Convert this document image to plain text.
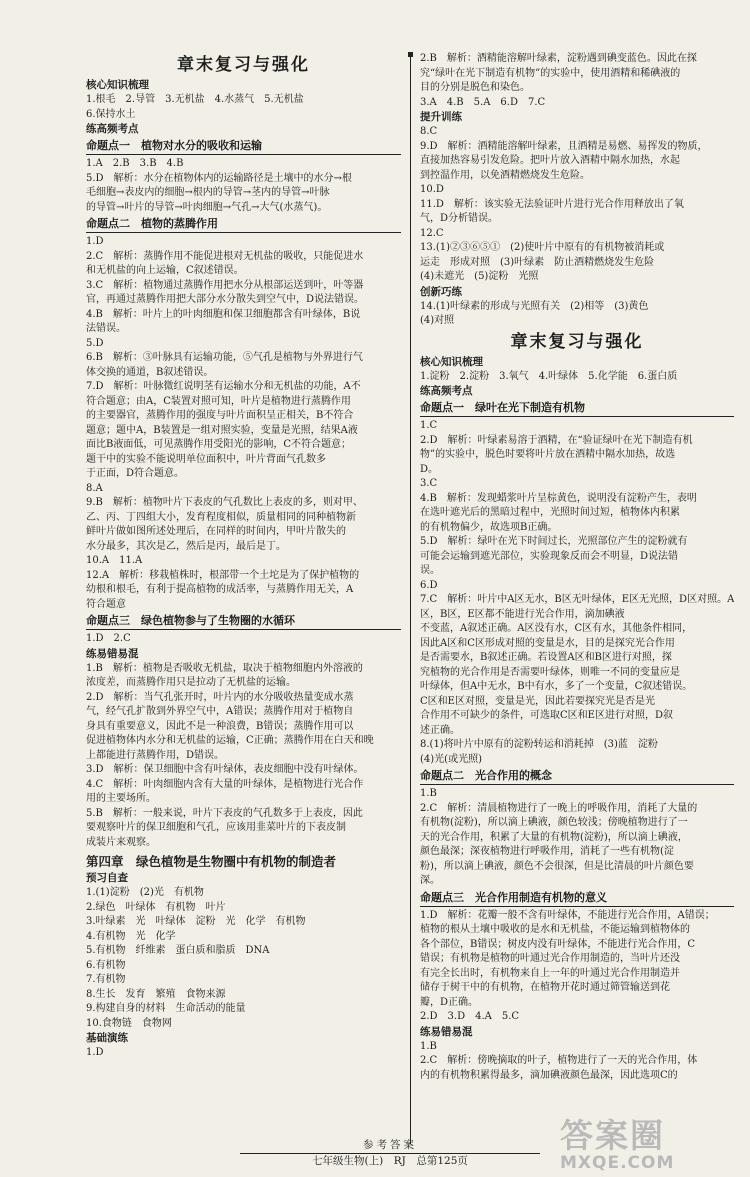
章末复习与强化
核心知识梳理
1.根毛　2.导管　3.无机盐　4.水蒸气　5.无机盐
6.保持水土
练高频考点
命题点一　植物对水分的吸收和运输
1.A　2.B　3.B　4.B
5.D　解析：水分在植物体内的运输路径是土壤中的水分→根
毛细胞→表皮内的细胞→根内的导管→茎内的导管→叶脉
的导管→叶片的导管→叶肉细胞→气孔→大气(水蒸气)。
命题点二　植物的蒸腾作用
1.D
2.C　解析：蒸腾作用不能促进根对无机盐的吸收，只能促进水
和无机盐的向上运输，C叙述错误。
3.C　解析：植物通过蒸腾作用把水分从根部运送到叶，叶等器
官，再通过蒸腾作用把大部分水分散失到空气中，D说法错误。
4.B　解析：叶片上的叶肉细胞和保卫细胞都含有叶绿体，B说
法错误。
5.D
6.B　解析：③叶脉具有运输功能，⑤气孔是植物与外界进行气
体交换的通道，B叙述错误。
7.D　解析：叶脉微红说明茎有运输水分和无机盐的功能，A不
符合题意；由A，C装置对照可知，叶片是植物进行蒸腾作用
的主要器官，蒸腾作用的强度与叶片面积呈正相关，B不符合
题意；题中A，B装置是一组对照实验，变量是光照，结果A液
面比B液面低，可见蒸腾作用受阳光的影响，C不符合题意；
题干中的实验不能说明单位面积中，叶片背面气孔数多
于正面，D符合题意。
8.A
9.B　解析：植物叶片下表皮的气孔数比上表皮的多，则对甲、
乙、丙、丁四组大小，发育程度相似，质量相同的同种植物新
鲜叶片做如图所述处理后，在同样的时间内，甲叶片散失的
水分最多，其次是乙，然后是丙，最后是丁。
10.A　11.A
12.A　解析：移栽植株时，根部带一个土坨是为了保护植物的
幼根和根毛，有利于提高植物的成活率，与蒸腾作用无关，A
符合题意
命题点三　绿色植物参与了生物圈的水循环
1.D　2.C
练易错易混
1.B　解析：植物是否吸收无机盐，取决于植物细胞内外溶液的
浓度差，而蒸腾作用只是拉动了无机盐的运输。
2.D　解析：当气孔张开时，叶片内的水分吸收热量变成水蒸
气，经气孔扩散到外界空气中，A错误；蒸腾作用对于植物自
身具有重要意义，因此不是一种浪费，B错误；蒸腾作用可以
促进植物体内水分和无机盐的运输，C正确；蒸腾作用在白天和晚
上都能进行蒸腾作用，D错误。
3.D　解析：保卫细胞中含有叶绿体，表皮细胞中没有叶绿体。
4.C　解析：叶肉细胞内含有大量的叶绿体，是植物进行光合作
用的主要场所。
5.B　解析：一般来说，叶片下表皮的气孔数多于上表皮，因此
要观察叶片的保卫细胞和气孔，应该用韭菜叶片的下表皮制
成装片来观察。
第四章　绿色植物是生物圈中有机物的制造者
预习自查
1.(1)淀粉　(2)光　有机物
2.绿色　叶绿体　有机物　叶片
3.叶绿素　光　叶绿体　淀粉　光　化学　有机物
4.有机物　光　化学
5.有机物　纤维素　蛋白质和脂质　DNA
6.有机物
7.有机物
8.生长　发育　繁殖　食物来源
9.构建自身的材料　生命活动的能量
10.食物链　食物网
基础演练
1.D
2.B　解析：酒精能溶解叶绿素，淀粉遇到碘变蓝色。因此在探
究“绿叶在光下制造有机物”的实验中，使用酒精和稀碘液的
目的分别是脱色和染色。
3.A　4.B　5.A　6.D　7.C
提升训练
8.C
9.D　解析：酒精能溶解叶绿素，且酒精是易燃、易挥发的物质，
直接加热容易引发危险。把叶片放入酒精中隔水加热，水起
到控温作用，以免酒精燃烧发生危险。
10.D
11.D　解析：该实验无法验证叶片进行光合作用释放出了氧
气，D分析错误。
12.C
13.(1)②③⑥⑤①　(2)使叶片中原有的有机物被消耗或
运走　形成对照　(3)叶绿素　防止酒精燃烧发生危险
(4)未遮光　(5)淀粉　光照
创新巧练
14.(1)叶绿素的形成与光照有关　(2)相等　(3)黄色
(4)对照
章末复习与强化
核心知识梳理
1.淀粉　2.淀粉　3.氧气　4.叶绿体　5.化学能　6.蛋白质
练高频考点
命题点一　绿叶在光下制造有机物
1.C
2.D　解析：叶绿素易溶于酒精，在“验证绿叶在光下制造有机
物”的实验中，脱色时要将叶片放在酒精中隔水加热，故选
D。
3.C
4.B　解析：发现蜡浆叶片呈棕黄色，说明没有淀粉产生，表明
在选叶遮光后的黑暗过程中，光照时间过短，植物体内积累
的有机物偏少，故选项B正确。
5.D　解析：绿叶在光下时间过长，光照部位产生的淀粉就有
可能会运输到遮光部位，实验现象反而会不明显，D说法错
误。
6.D
7.C　解析：叶片中A区无水，B区无叶绿体，E区无光照，D区对照。A
区，B区，E区都不能进行光合作用，滴加碘液
不变蓝，A叙述正确。A区没有水，C区有水，其他条件相同，
因此A区和C区形成对照的变量是水，目的是探究光合作用
是否需要水，B叙述正确。若设置A区和B区进行对照，探
究植物的光合作用是否需要叶绿体，则唯一不同的变量应是
叶绿体，但A中无水，B中有水，多了一个变量，C叙述错误。
C区和E区对照，变量是光，因此若要探究光是否是光
合作用不可缺少的条件，可选取C区和E区进行对照，D叙
述正确。
8.(1)将叶片中原有的淀粉转运和消耗掉　(3)蓝　淀粉
(4)光(或光照)
命题点二　光合作用的概念
1.B
2.C　解析：清晨植物进行了一晚上的呼吸作用，消耗了大量的
有机物(淀粉)，所以滴上碘液，颜色较浅；傍晚植物进行了一
天的光合作用，积累了大量的有机物(淀粉)，所以滴上碘液，
颜色最深；深夜植物进行呼吸作用，消耗了一些有机物(淀
粉)，所以滴上碘液，颜色不会很深，但是比清晨的叶片颜色要
深。
命题点三　光合作用制造有机物的意义
1.D　解析：花瓣一般不含有叶绿体，不能进行光合作用，A错误；
植物的根从土壤中吸收的是水和无机盐，不能运输到植物体的
各个部位，B错误；树皮内没有叶绿体，不能进行光合作用，C
错误；有机物是植物的叶通过光合作用制造的，当叶片还没
有完全长出时，有机物来自上一年的叶通过光合作用制造并
储存于树干中的有机物，在植物开花时通过筛管输送到花
瓣，D正确。
2.D　3.D　4.A　5.C
练易错易混
1.B
2.C　解析：傍晚摘取的叶子，植物进行了一天的光合作用，体
内的有机物积累得最多，滴加碘液颜色最深，因此选项C的
参考答案
七年级生物(上)　RJ　总第125页
答案圈
MXQE.COM
